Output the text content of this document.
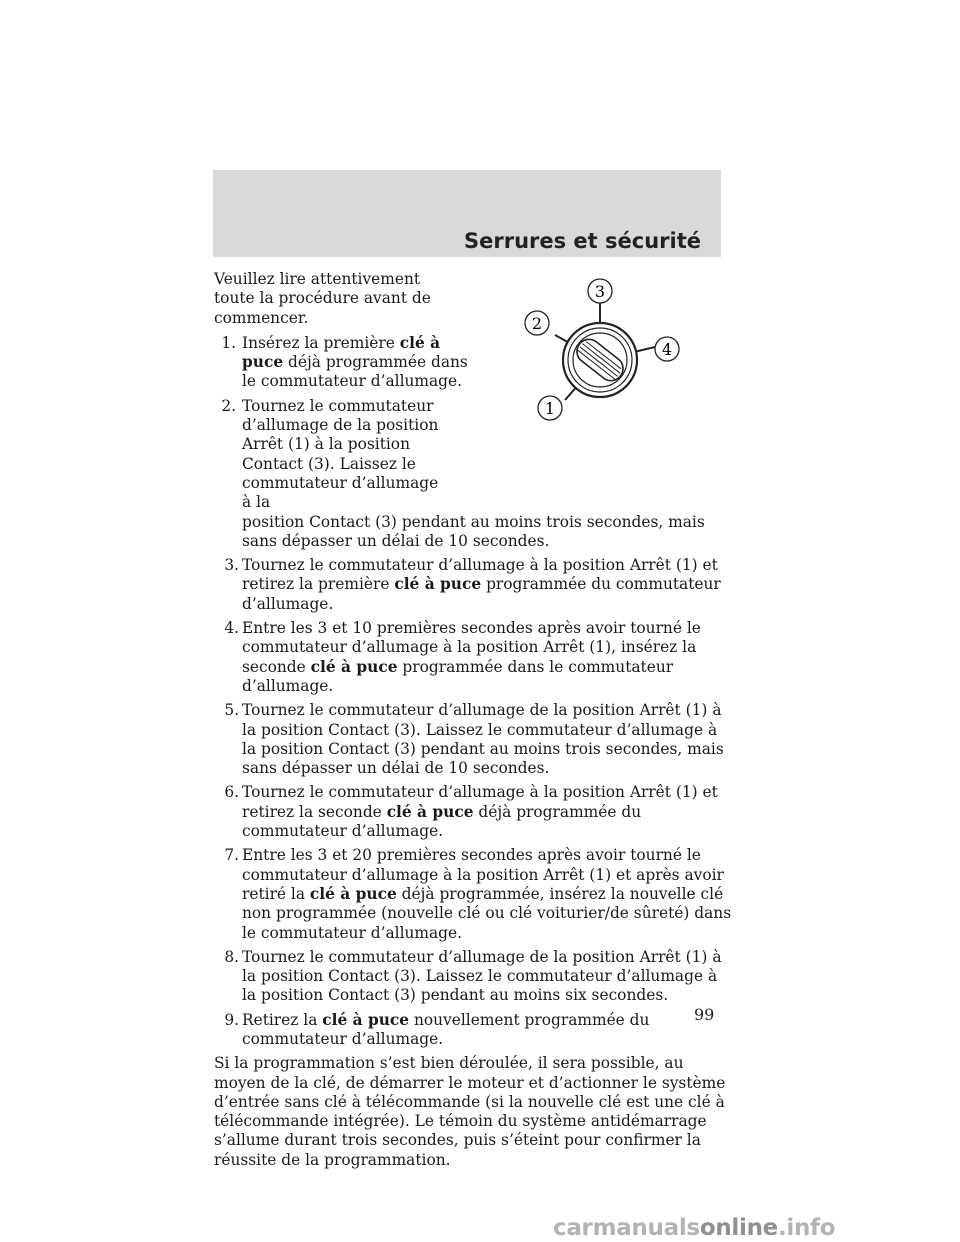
Serrures et sécurité
3
2
4
1

Veuillez lire attentivement toute la procédure avant de commencer.

1. Insérez la première clé à puce déjà programmée dans le commutateur d’allumage.
2. Tournez le commutateur d’allumage de la position Arrêt (1) à la position Contact (3). Laissez le commutateur d’allumage à la
position Contact (3) pendant au moins trois secondes, mais sans dépasser un délai de 10 secondes.
3. Tournez le commutateur d’allumage à la position Arrêt (1) et retirez la première clé à puce programmée du commutateur d’allumage.
4. Entre les 3 et 10 premières secondes après avoir tourné le commutateur d’allumage à la position Arrêt (1), insérez la seconde clé à puce programmée dans le commutateur d’allumage.
5. Tournez le commutateur d’allumage de la position Arrêt (1) à la position Contact (3). Laissez le commutateur d’allumage à la position Contact (3) pendant au moins trois secondes, mais sans dépasser un délai de 10 secondes.
6. Tournez le commutateur d’allumage à la position Arrêt (1) et retirez la seconde clé à puce déjà programmée du commutateur d’allumage.
7. Entre les 3 et 20 premières secondes après avoir tourné le commutateur d’allumage à la position Arrêt (1) et après avoir retiré la clé à puce déjà programmée, insérez la nouvelle clé non programmée (nouvelle clé ou clé voiturier/de sûreté) dans le commutateur d’allumage.
8. Tournez le commutateur d’allumage de la position Arrêt (1) à la position Contact (3). Laissez le commutateur d’allumage à la position Contact (3) pendant au moins six secondes.
9. Retirez la clé à puce nouvellement programmée du commutateur d’allumage.

Si la programmation s’est bien déroulée, il sera possible, au moyen de la clé, de démarrer le moteur et d’actionner le système d’entrée sans clé à télécommande (si la nouvelle clé est une clé à télécommande intégrée). Le témoin du système antidémarrage s’allume durant trois secondes, puis s’éteint pour confirmer la réussite de la programmation.

99
carmanualsonline.info
